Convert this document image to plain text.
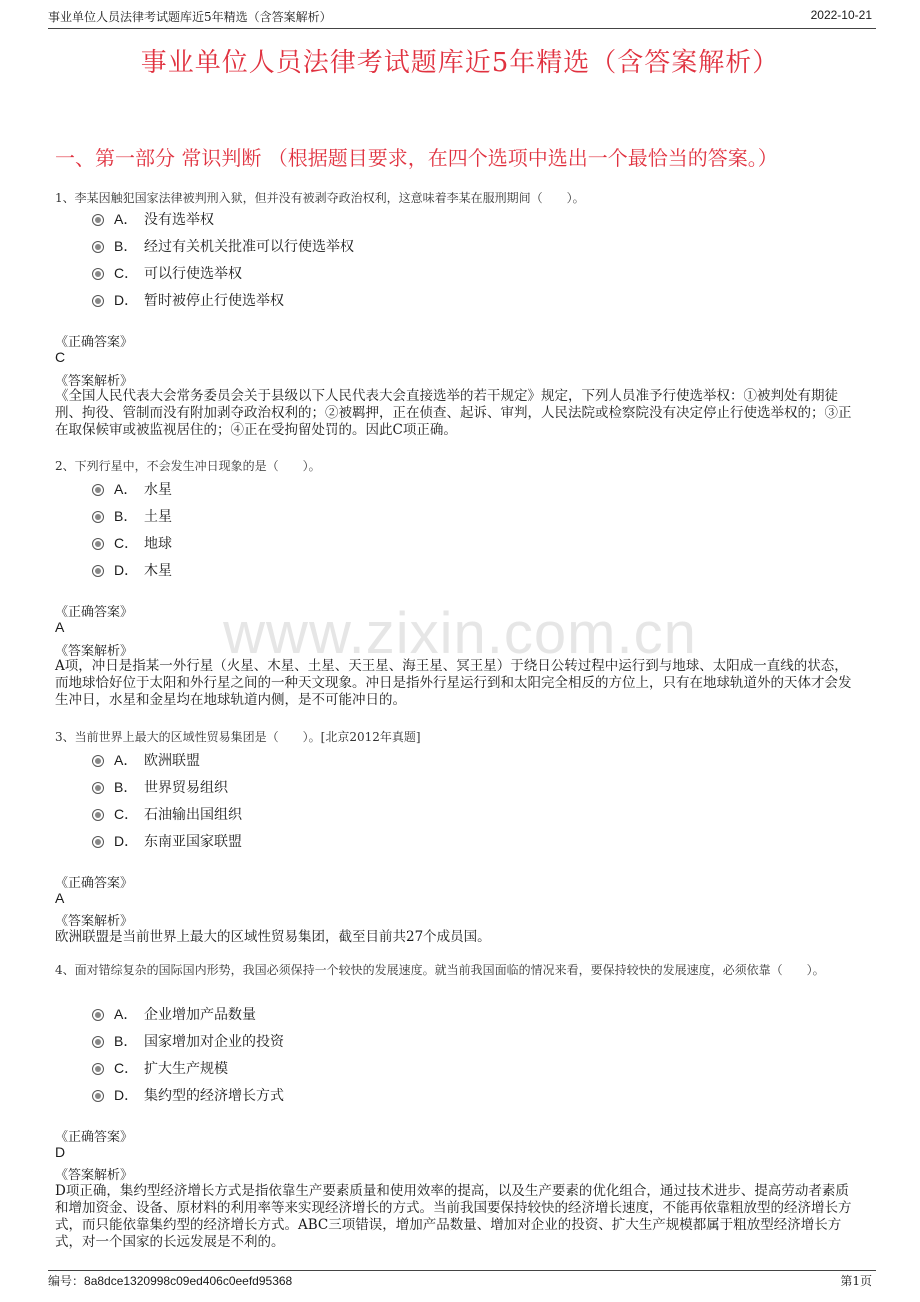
事业单位人员法律考试题库近5年精选（含答案解析）	2022-10-21
事业单位人员法律考试题库近5年精选（含答案解析）
一、第一部分 常识判断 （根据题目要求，在四个选项中选出一个最恰当的答案。）
www.zixin.com.cn
1、李某因触犯国家法律被判刑入狱，但并没有被剥夺政治权利，这意味着李某在服刑期间（　　）。
A． 没有选举权
B． 经过有关机关批准可以行使选举权
C． 可以行使选举权
D． 暂时被停止行使选举权
《正确答案》
C
《答案解析》
《全国人民代表大会常务委员会关于县级以下人民代表大会直接选举的若干规定》规定，下列人员准予行使选举权：①被判处有期徒刑、拘役、管制而没有附加剥夺政治权利的；②被羁押，正在侦查、起诉、审判，人民法院或检察院没有决定停止行使选举权的；③正在取保候审或被监视居住的；④正在受拘留处罚的。因此C项正确。
2、下列行星中，不会发生冲日现象的是（　　）。
A． 水星
B． 土星
C． 地球
D． 木星
《正确答案》
A
《答案解析》
A项，冲日是指某一外行星（火星、木星、土星、天王星、海王星、冥王星）于绕日公转过程中运行到与地球、太阳成一直线的状态，而地球恰好位于太阳和外行星之间的一种天文现象。冲日是指外行星运行到和太阳完全相反的方位上，只有在地球轨道外的天体才会发生冲日，水星和金星均在地球轨道内侧，是不可能冲日的。
3、当前世界上最大的区域性贸易集团是（　　）。[北京2012年真题]
A． 欧洲联盟
B． 世界贸易组织
C． 石油输出国组织
D． 东南亚国家联盟
《正确答案》
A
《答案解析》
欧洲联盟是当前世界上最大的区域性贸易集团，截至目前共27个成员国。
4、面对错综复杂的国际国内形势，我国必须保持一个较快的发展速度。就当前我国面临的情况来看，要保持较快的发展速度，必须依靠（　　）。
A． 企业增加产品数量
B． 国家增加对企业的投资
C． 扩大生产规模
D． 集约型的经济增长方式
《正确答案》
D
《答案解析》
D项正确，集约型经济增长方式是指依靠生产要素质量和使用效率的提高，以及生产要素的优化组合，通过技术进步、提高劳动者素质和增加资金、设备、原材料的利用率等来实现经济增长的方式。当前我国要保持较快的经济增长速度，不能再依靠粗放型的经济增长方式，而只能依靠集约型的经济增长方式。ABC三项错误，增加产品数量、增加对企业的投资、扩大生产规模都属于粗放型经济增长方式，对一个国家的长远发展是不利的。
编号：8a8dce1320998c09ed406c0eefd95368	第1页
